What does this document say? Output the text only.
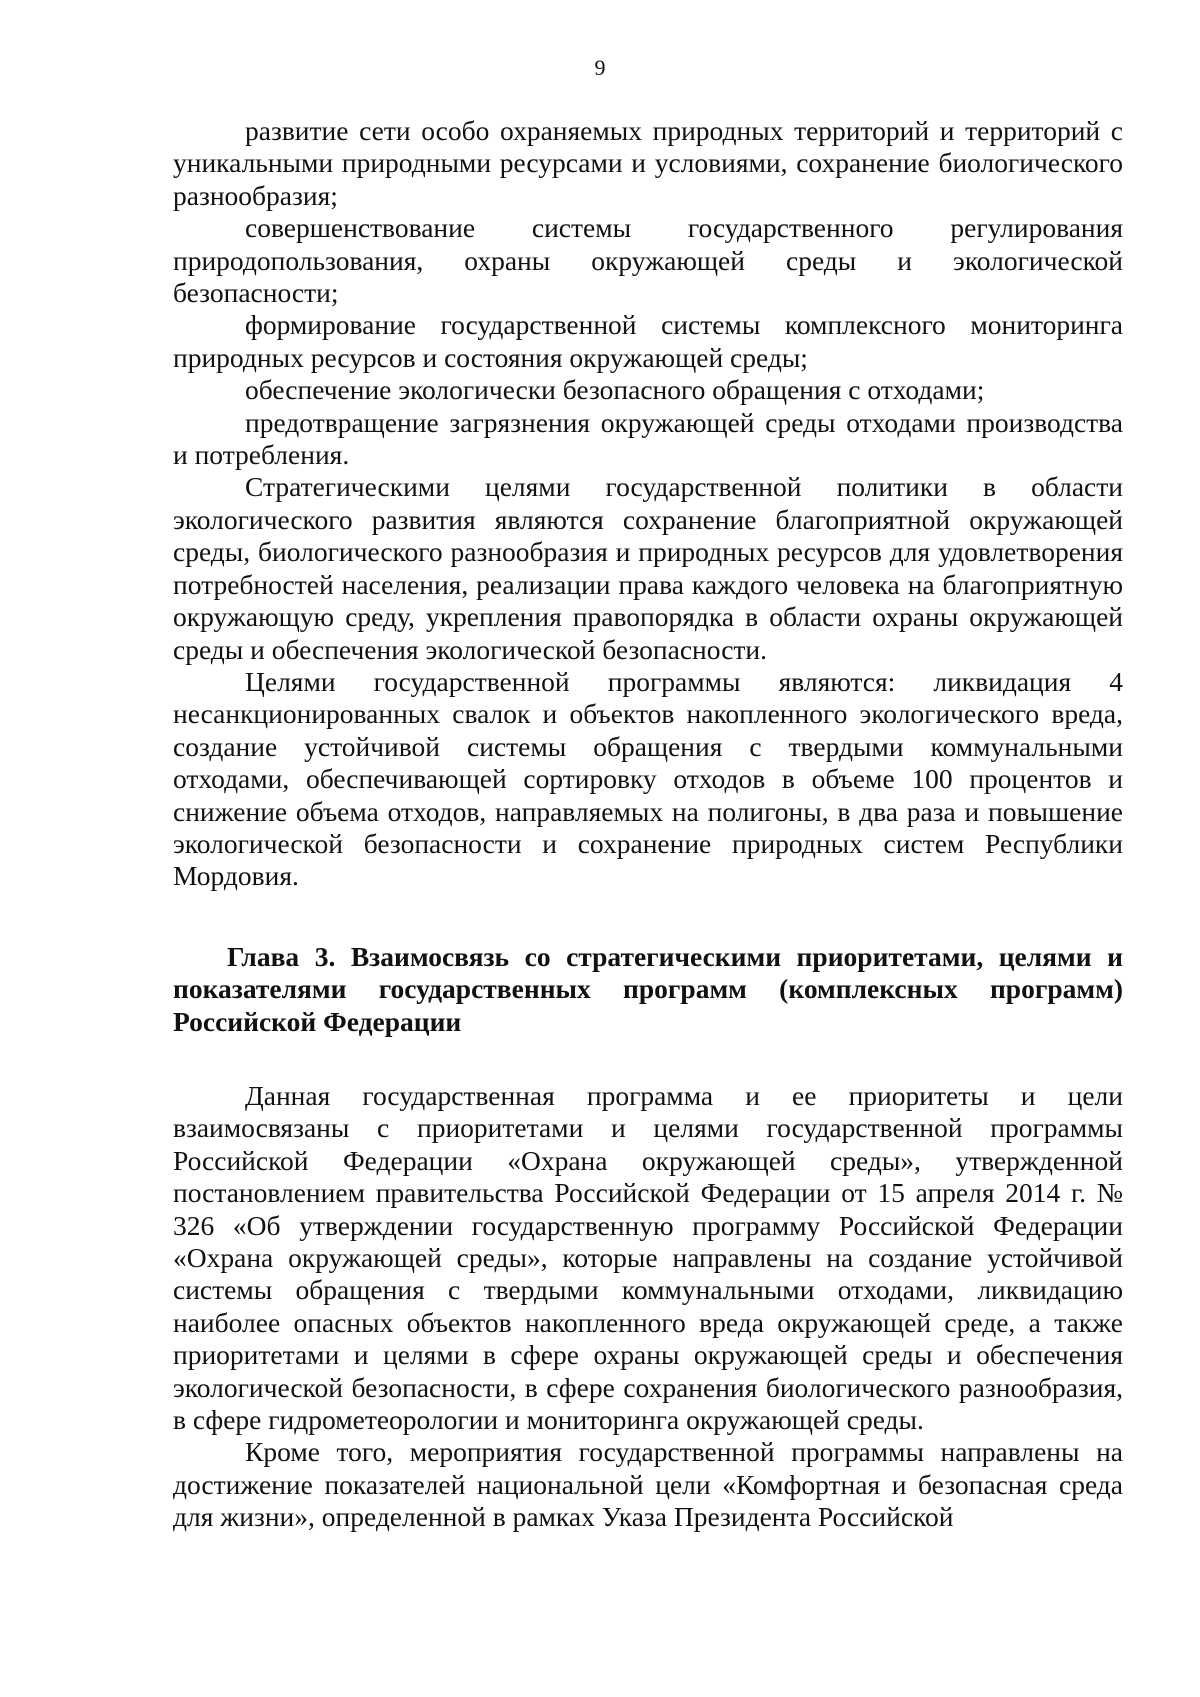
9

развитие сети особо охраняемых природных территорий и территорий с уникальными природными ресурсами и условиями, сохранение биологического разнообразия;

совершенствование системы государственного регулирования природопользования, охраны окружающей среды и экологической безопасности;

формирование государственной системы комплексного мониторинга природных ресурсов и состояния окружающей среды;

обеспечение экологически безопасного обращения с отходами;

предотвращение загрязнения окружающей среды отходами производства и потребления.

Стратегическими целями государственной политики в области экологического развития являются сохранение благоприятной окружающей среды, биологического разнообразия и природных ресурсов для удовлетворения потребностей населения, реализации права каждого человека на благоприятную окружающую среду, укрепления правопорядка в области охраны окружающей среды и обеспечения экологической безопасности.

Целями государственной программы являются: ликвидация 4 несанкционированных свалок и объектов накопленного экологического вреда, создание устойчивой системы обращения с твердыми коммунальными отходами, обеспечивающей сортировку отходов в объеме 100 процентов и снижение объема отходов, направляемых на полигоны, в два раза и повышение экологической безопасности и сохранение природных систем Республики Мордовия.

Глава 3. Взаимосвязь со стратегическими приоритетами, целями и показателями государственных программ (комплексных программ) Российской Федерации

Данная государственная программа и ее приоритеты и цели взаимосвязаны с приоритетами и целями государственной программы Российской Федерации «Охрана окружающей среды», утвержденной постановлением правительства Российской Федерации от 15 апреля 2014 г. № 326 «Об утверждении государственную программу Российской Федерации «Охрана окружающей среды», которые направлены на создание устойчивой системы обращения с твердыми коммунальными отходами, ликвидацию наиболее опасных объектов накопленного вреда окружающей среде, а также приоритетами и целями в сфере охраны окружающей среды и обеспечения экологической безопасности, в сфере сохранения биологического разнообразия, в сфере гидрометеорологии и мониторинга окружающей среды.

Кроме того, мероприятия государственной программы направлены на достижение показателей национальной цели «Комфортная и безопасная среда для жизни», определенной в рамках Указа Президента Российской
